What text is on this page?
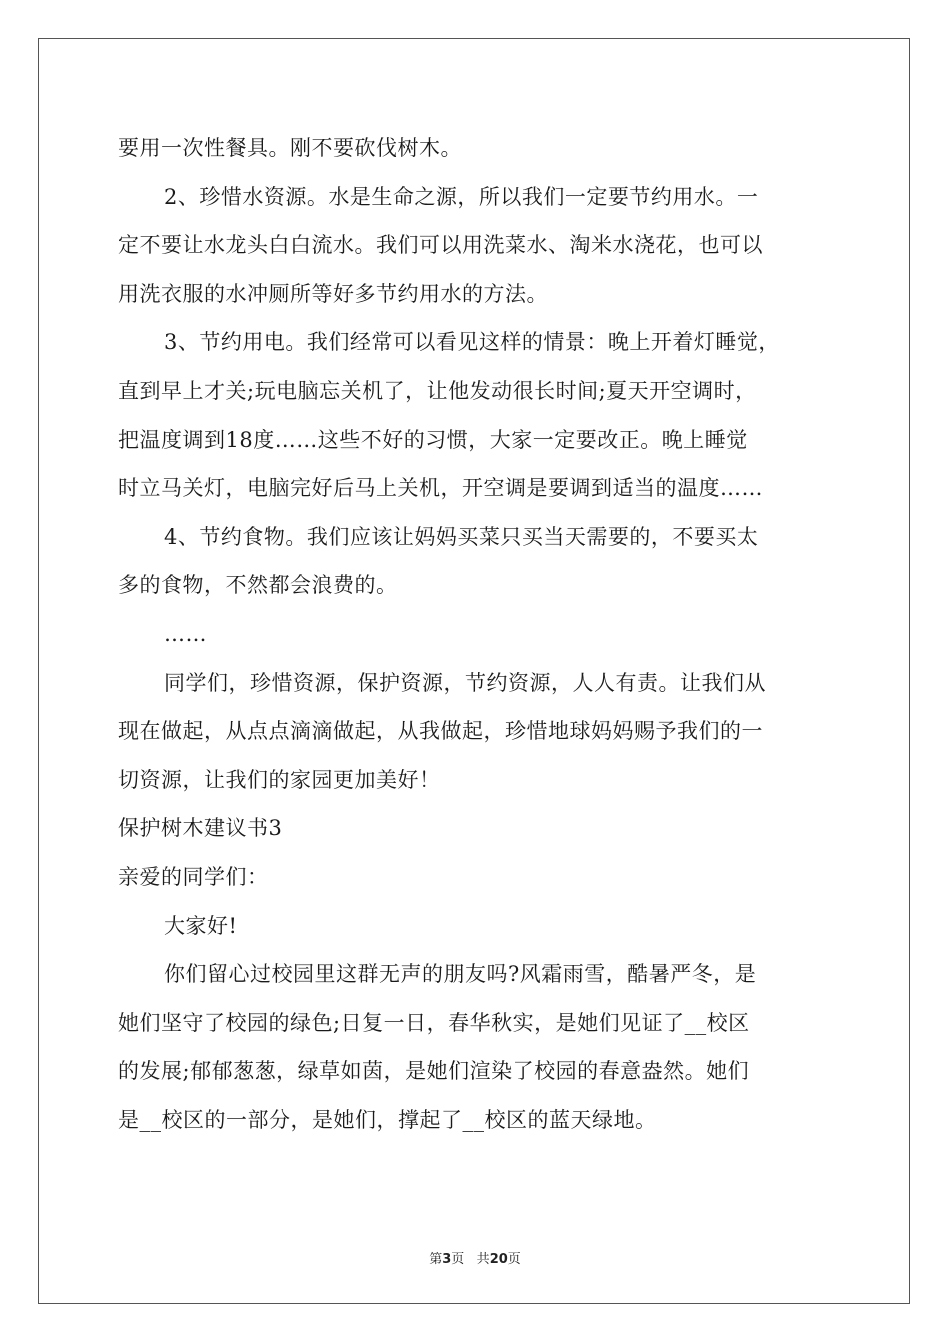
要用一次性餐具。刚不要砍伐树木。
2、珍惜水资源。水是生命之源，所以我们一定要节约用水。一
定不要让水龙头白白流水。我们可以用洗菜水、淘米水浇花，也可以
用洗衣服的水冲厕所等好多节约用水的方法。
3、节约用电。我们经常可以看见这样的情景：晚上开着灯睡觉，
直到早上才关;玩电脑忘关机了，让他发动很长时间;夏天开空调时，
把温度调到18度……这些不好的习惯，大家一定要改正。晚上睡觉
时立马关灯，电脑完好后马上关机，开空调是要调到适当的温度……
4、节约食物。我们应该让妈妈买菜只买当天需要的，不要买太
多的食物，不然都会浪费的。
……
同学们，珍惜资源，保护资源，节约资源，人人有责。让我们从
现在做起，从点点滴滴做起，从我做起，珍惜地球妈妈赐予我们的一
切资源，让我们的家园更加美好！
保护树木建议书3
亲爱的同学们：
大家好!
你们留心过校园里这群无声的朋友吗?风霜雨雪，酷暑严冬，是
她们坚守了校园的绿色;日复一日，春华秋实，是她们见证了__校区
的发展;郁郁葱葱，绿草如茵，是她们渲染了校园的春意盎然。她们
是__校区的一部分，是她们，撑起了__校区的蓝天绿地。
第3页 共20页
